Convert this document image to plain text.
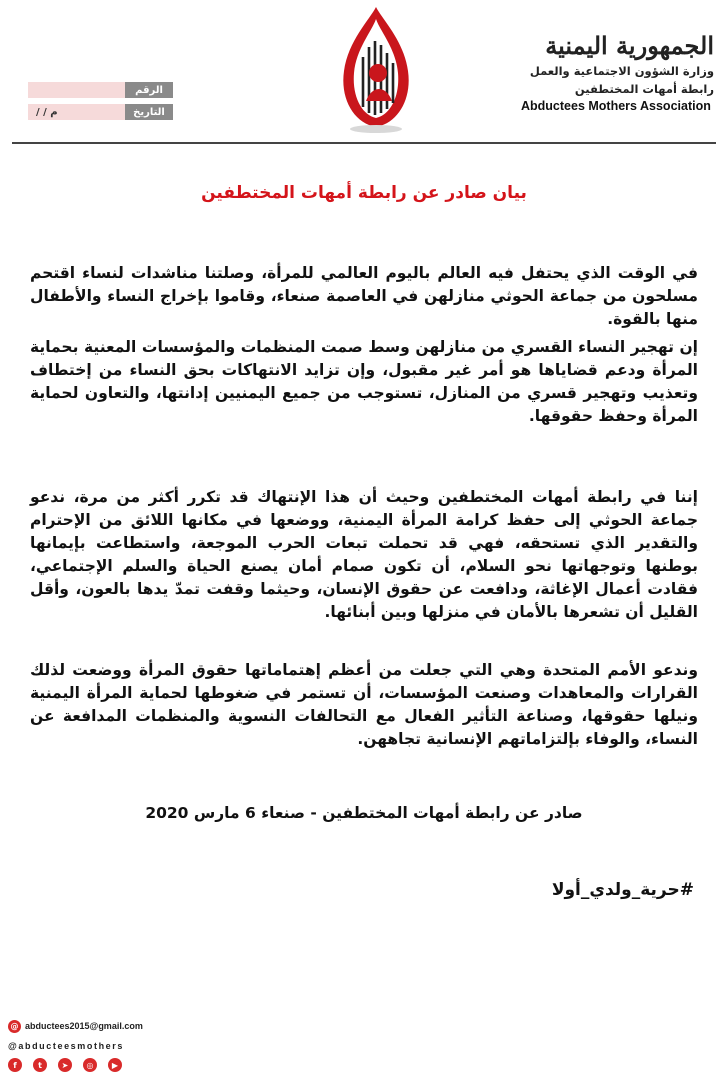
الرقم
/ / م	التاريخ
الجمهورية اليمنية
وزارة الشؤون الاجتماعية والعمل
رابطة أمهات المختطفين
Abductees Mothers Association
بيان صادر عن رابطة أمهات المختطفين

في الوقت الذي يحتفل فيه العالم باليوم العالمي للمرأة، وصلتنا مناشدات لنساء اقتحم مسلحون من جماعة الحوثي منازلهن في العاصمة صنعاء، وقاموا بإخراج النساء والأطفال منها بالقوة.

إن تهجير النساء القسري من منازلهن وسط صمت المنظمات والمؤسسات المعنية بحماية المرأة ودعم قضاياها هو أمر غير مقبول، وإن تزايد الانتهاكات بحق النساء من إختطاف وتعذيب وتهجير قسري من المنازل، تستوجب من جميع اليمنيين إدانتها، والتعاون لحماية المرأة وحفظ حقوقها.

إننا في رابطة أمهات المختطفين وحيث أن هذا الإنتهاك قد تكرر أكثر من مرة، ندعو جماعة الحوثي إلى حفظ كرامة المرأة اليمنية، ووضعها في مكانها اللائق من الإحترام والتقدير الذي تستحقه، فهي قد تحملت تبعات الحرب الموجعة، واستطاعت بإيمانها بوطنها وتوجهاتها نحو السلام، أن تكون صمام أمان يصنع الحياة والسلم الإجتماعي، فقادت أعمال الإغاثة، ودافعت عن حقوق الإنسان، وحيثما وقفت تمدّ يدها بالعون، وأقل القليل أن تشعرها بالأمان في منزلها وبين أبنائها.

وندعو الأمم المتحدة وهي التي جعلت من أعظم إهتماماتها حقوق المرأة ووضعت لذلك القرارات والمعاهدات وصنعت المؤسسات، أن تستمر في ضغوطها لحماية المرأة اليمنية ونيلها حقوقها، وصناعة التأثير الفعال مع التحالفات النسوية والمنظمات المدافعة عن النساء، والوفاء بإلتزاماتهم الإنسانية تجاههن.

صادر عن رابطة أمهات المختطفين - صنعاء 6 مارس 2020
#حرية_ولدي_أولا
@ abductees2015@gmail.com
@abducteesmothers
f	t	➤	◎	▶
